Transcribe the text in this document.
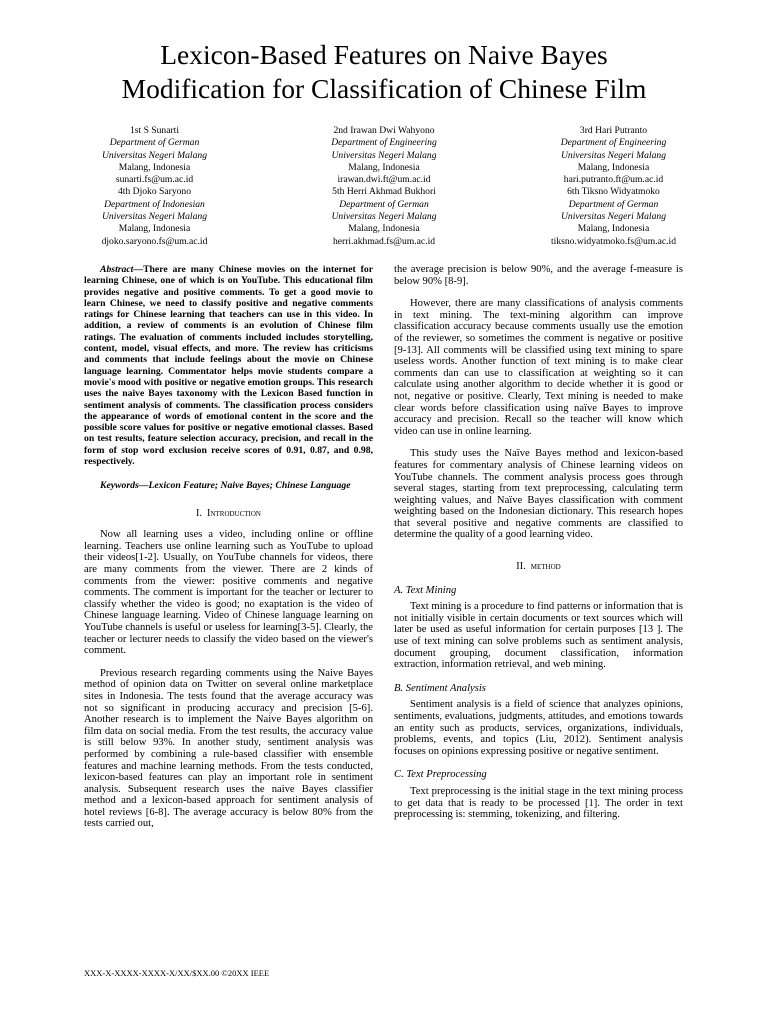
Lexicon-Based Features on Naive Bayes
Modification for Classification of Chinese Film
1st S Sunarti
Department of German
Universitas Negeri Malang
Malang, Indonesia
sunarti.fs@um.ac.id
2nd Irawan Dwi Wahyono
Department of Engineering
Universitas Negeri Malang
Malang, Indonesia
irawan.dwi.ft@um.ac.id
3rd Hari Putranto
Department of Engineering
Universitas Negeri Malang
Malang, Indonesia
hari.putranto.ft@um.ac.id
4th Djoko Saryono
Department of Indonesian
Universitas Negeri Malang
Malang, Indonesia
djoko.saryono.fs@um.ac.id
5th Herri Akhmad Bukhori
Department of German
Universitas Negeri Malang
Malang, Indonesia
herri.akhmad.fs@um.ac.id
6th Tiksno Widyatmoko
Department of German
Universitas Negeri Malang
Malang, Indonesia
tiksno.widyatmoko.fs@um.ac.id

Abstract—There are many Chinese movies on the internet for learning Chinese, one of which is on YouTube. This educational film provides negative and positive comments. To get a good movie to learn Chinese, we need to classify positive and negative comments ratings for Chinese learning that teachers can use in this video. In addition, a review of comments is an evolution of Chinese film ratings. The evaluation of comments included includes storytelling, content, model, visual effects, and more. The review has criticisms and comments that include feelings about the movie on Chinese language learning. Commentator helps movie students compare a movie's mood with positive or negative emotion groups. This research uses the naive Bayes taxonomy with the Lexicon Based function in sentiment analysis of comments. The classification process considers the appearance of words of emotional content in the score and the possible score values for positive or negative emotional classes. Based on test results, feature selection accuracy, precision, and recall in the form of stop word exclusion receive scores of 0.91, 0.87, and 0.98, respectively.

Keywords—Lexicon Feature; Naive Bayes; Chinese Language

I. Introduction

Now all learning uses a video, including online or offline learning. Teachers use online learning such as YouTube to upload their videos[1-2]. Usually, on YouTube channels for videos, there are many comments from the viewer. There are 2 kinds of comments from the viewer: positive comments and negative comments. The comment is important for the teacher or lecturer to classify whether the video is good; no exaptation is the video of Chinese language learning. Video of Chinese language learning on YouTube channels is useful or useless for learning[3-5]. Clearly, the teacher or lecturer needs to classify the video based on the viewer's comment.

Previous research regarding comments using the Naive Bayes method of opinion data on Twitter on several online marketplace sites in Indonesia. The tests found that the average accuracy was not so significant in producing accuracy and precision [5-6]. Another research is to implement the Naive Bayes algorithm on film data on social media. From the test results, the accuracy value is still below 93%. In another study, sentiment analysis was performed by combining a rule-based classifier with ensemble features and machine learning methods. From the tests conducted, lexicon-based features can play an important role in sentiment analysis. Subsequent research uses the naive Bayes classifier method and a lexicon-based approach for sentiment analysis of hotel reviews [6-8]. The average accuracy is below 80% from the tests carried out,

the average precision is below 90%, and the average f-measure is below 90% [8-9].

However, there are many classifications of analysis comments in text mining. The text-mining algorithm can improve classification accuracy because comments usually use the emotion of the reviewer, so sometimes the comment is negative or positive [9-13]. All comments will be classified using text mining to spare useless words. Another function of text mining is to make clear comments dan can use to classification at weighting so it can calculate using another algorithm to decide whether it is good or not, negative or positive. Clearly, Text mining is needed to make clear words before classification using naïve Bayes to improve accuracy and precision. Recall so the teacher will know which video can use in online learning.

This study uses the Naïve Bayes method and lexicon-based features for commentary analysis of Chinese learning videos on YouTube channels. The comment analysis process goes through several stages, starting from text preprocessing, calculating term weighting values, and Naïve Bayes classification with comment weighting based on the Indonesian dictionary. This research hopes that several positive and negative comments are classified to determine the quality of a good learning video.

II. method
A. Text Mining

Text mining is a procedure to find patterns or information that is not initially visible in certain documents or text sources which will later be used as useful information for certain purposes [13 ]. The use of text mining can solve problems such as sentiment analysis, document grouping, document classification, information extraction, information retrieval, and web mining.

B. Sentiment Analysis

Sentiment analysis is a field of science that analyzes opinions, sentiments, evaluations, judgments, attitudes, and emotions towards an entity such as products, services, organizations, individuals, problems, events, and topics (Liu, 2012). Sentiment analysis focuses on opinions expressing positive or negative sentiment.

C. Text Preprocessing

Text preprocessing is the initial stage in the text mining process to get data that is ready to be processed [1]. The order in text preprocessing is: stemming, tokenizing, and filtering.

XXX-X-XXXX-XXXX-X/XX/$XX.00 ©20XX IEEE
